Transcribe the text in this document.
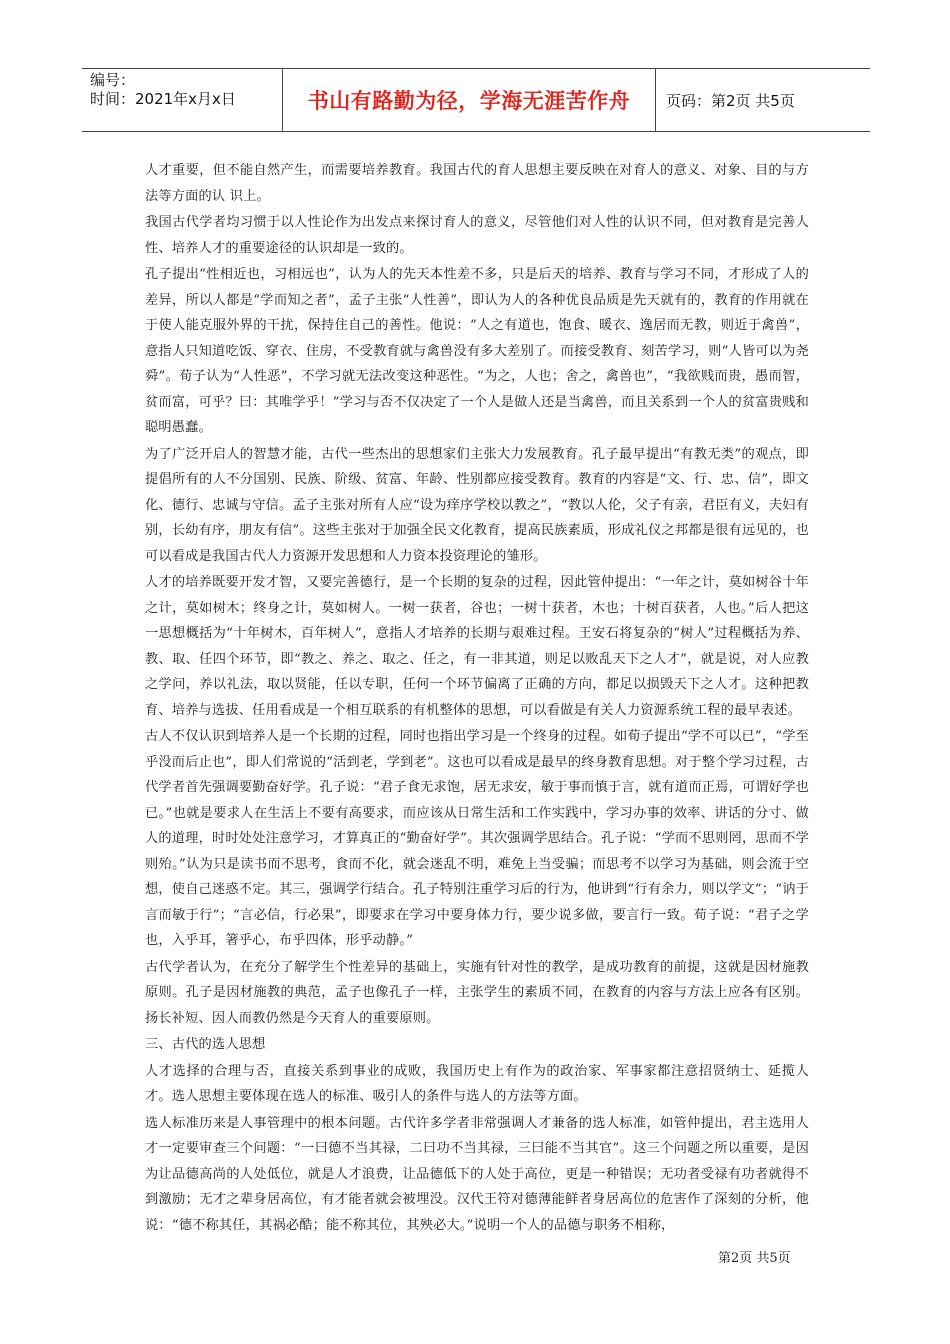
编号：
时间：2021年x月x日	书山有路勤为径，学海无涯苦作舟 页码：第2页 共5页

人才重要，但不能自然产生，而需要培养教育。我国古代的育人思想主要反映在对育人的意义、对象、目的与方法等方面的认 识上。

我国古代学者均习惯于以人性论作为出发点来探讨育人的意义，尽管他们对人性的认识不同，但对教育是完善人性、培养人才的重要途径的认识却是一致的。

孔子提出“性相近也，习相远也”，认为人的先天本性差不多，只是后天的培养、教育与学习不同，才形成了人的差异，所以人都是“学而知之者”，孟子主张“人性善”，即认为人的各种优良品质是先天就有的，教育的作用就在于使人能克服外界的干扰，保持住自己的善性。他说：“人之有道也，饱食、暖衣、逸居而无教，则近于禽兽”，意指人只知道吃饭、穿衣、住房，不受教育就与禽兽没有多大差别了。而接受教育、刻苦学习，则“人皆可以为尧舜”。荀子认为“人性恶”，不学习就无法改变这种恶性。“为之，人也；舍之，禽兽也”，“我欲贱而贵，愚而智，贫而富，可乎？曰：其唯学乎！”学习与否不仅决定了一个人是做人还是当禽兽，而且关系到一个人的贫富贵贱和聪明愚蠢。

为了广泛开启人的智慧才能，古代一些杰出的思想家们主张大力发展教育。孔子最早提出“有教无类”的观点，即提倡所有的人不分国别、民族、阶级、贫富、年龄、性别都应接受教育。教育的内容是“文、行、忠、信”，即文化、德行、忠诚与守信。孟子主张对所有人应“设为痒序学校以教之”，“教以人伦，父子有亲，君臣有义，夫妇有别，长幼有序，朋友有信”。这些主张对于加强全民文化教育，提高民族素质，形成礼仪之邦都是很有远见的，也可以看成是我国古代人力资源开发思想和人力资本投资理论的雏形。

人才的培养既要开发才智，又要完善德行，是一个长期的复杂的过程，因此管仲提出：“一年之计，莫如树谷十年之计，莫如树木；终身之计，莫如树人。一树一获者，谷也；一树十获者，木也；十树百获者，人也。”后人把这一思想概括为“十年树木，百年树人”，意指人才培养的长期与艰难过程。王安石将复杂的“树人”过程概括为养、教、取、任四个环节，即“教之、养之、取之、任之，有一非其道，则足以败乱天下之人才”，就是说，对人应教之学问，养以礼法，取以贤能，任以专职，任何一个环节偏离了正确的方向，都足以损毁天下之人才。这种把教育、培养与选拔、任用看成是一个相互联系的有机整体的思想，可以看做是有关人力资源系统工程的最早表述。

古人不仅认识到培养人是一个长期的过程，同时也指出学习是一个终身的过程。如荀子提出“学不可以已”，“学至乎没而后止也”，即人们常说的“活到老，学到老”。这也可以看成是最早的终身教育思想。对于整个学习过程，古代学者首先强调要勤奋好学。孔子说：“君子食无求饱，居无求安，敏于事而慎于言，就有道而正焉，可谓好学也已。”也就是要求人在生活上不要有高要求，而应该从日常生活和工作实践中，学习办事的效率、讲话的分寸、做人的道理，时时处处注意学习，才算真正的“勤奋好学”。其次强调学思结合。孔子说：“学而不思则罔，思而不学则殆。”认为只是读书而不思考，食而不化，就会迷乱不明，难免上当受骗；而思考不以学习为基础，则会流于空想，使自己迷惑不定。其三，强调学行结合。孔子特别注重学习后的行为，他讲到“行有余力，则以学文”；“讷于言而敏于行”；“言必信，行必果”，即要求在学习中要身体力行，要少说多做，要言行一致。荀子说：“君子之学也，入乎耳，箸乎心，布乎四体，形乎动静。”

古代学者认为，在充分了解学生个性差异的基础上，实施有针对性的教学，是成功教育的前提，这就是因材施教原则。孔子是因材施教的典范，孟子也像孔子一样，主张学生的素质不同，在教育的内容与方法上应各有区别。扬长补短、因人而教仍然是今天育人的重要原则。

三、古代的选人思想

人才选择的合理与否，直接关系到事业的成败，我国历史上有作为的政治家、军事家都注意招贤纳士、延揽人才。选人思想主要体现在选人的标准、吸引人的条件与选人的方法等方面。

选人标准历来是人事管理中的根本问题。古代许多学者非常强调人才兼备的选人标准，如管仲提出，君主选用人才一定要审查三个问题：“一曰德不当其禄，二曰功不当其禄，三曰能不当其官”。这三个问题之所以重要，是因为让品德高尚的人处低位，就是人才浪费，让品德低下的人处于高位，更是一种错误；无功者受禄有功者就得不到激励；无才之辈身居高位，有才能者就会被埋没。汉代王符对德薄能鲜者身居高位的危害作了深刻的分析，他说：“德不称其任，其祸必酷；能不称其位，其殃必大。”说明一个人的品德与职务不相称，

第2页 共5页
